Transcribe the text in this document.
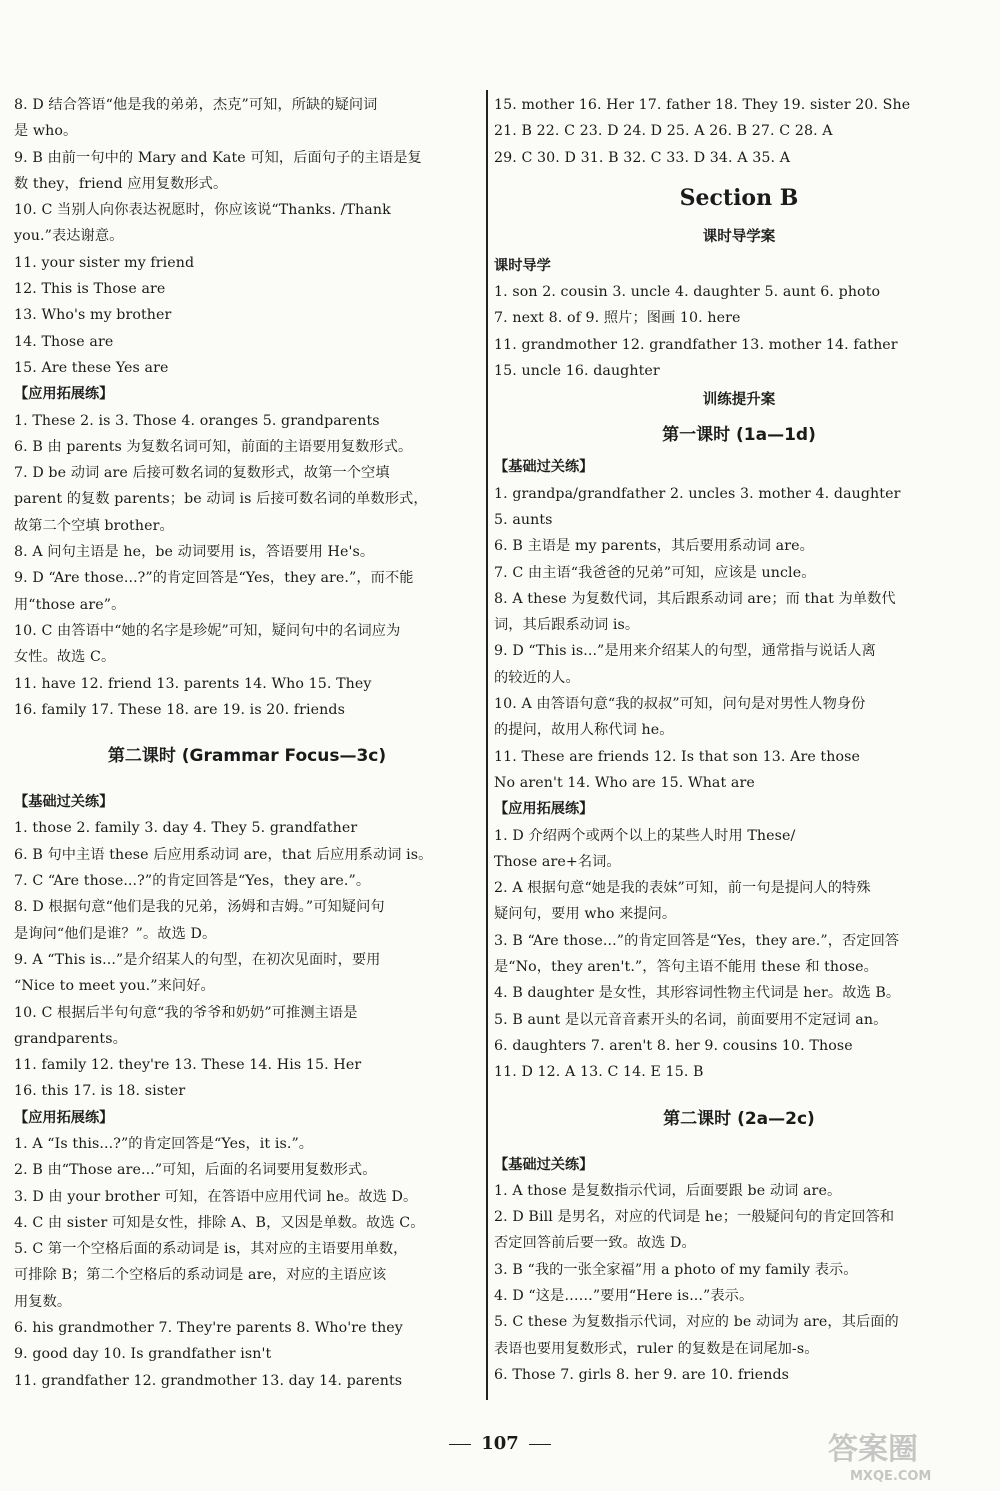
8. D 结合答语“他是我的弟弟，杰克”可知，所缺的疑问词
是 who。
9. B 由前一句中的 Mary and Kate 可知，后面句子的主语是复
数 they，friend 应用复数形式。
10. C 当别人向你表达祝愿时，你应该说“Thanks. /Thank
you.”表达谢意。
11. your sister my friend
12. This is Those are
13. Who's my brother
14. Those are
15. Are these Yes are
【应用拓展练】
1. These 2. is 3. Those 4. oranges 5. grandparents
6. B 由 parents 为复数名词可知，前面的主语要用复数形式。
7. D be 动词 are 后接可数名词的复数形式，故第一个空填
parent 的复数 parents；be 动词 is 后接可数名词的单数形式，
故第二个空填 brother。
8. A 问句主语是 he，be 动词要用 is，答语要用 He's。
9. D “Are those...?”的肯定回答是“Yes，they are.”，而不能
用“those are”。
10. C 由答语中“她的名字是珍妮”可知，疑问句中的名词应为
女性。故选 C。
11. have 12. friend 13. parents 14. Who 15. They
16. family 17. These 18. are 19. is 20. friends
第二课时 (Grammar Focus—3c)
【基础过关练】
1. those 2. family 3. day 4. They 5. grandfather
6. B 句中主语 these 后应用系动词 are，that 后应用系动词 is。
7. C “Are those...?”的肯定回答是“Yes，they are.”。
8. D 根据句意“他们是我的兄弟，汤姆和吉姆。”可知疑问句
是询问“他们是谁？”。故选 D。
9. A “This is...”是介绍某人的句型，在初次见面时，要用
“Nice to meet you.”来问好。
10. C 根据后半句句意“我的爷爷和奶奶”可推测主语是
grandparents。
11. family 12. they're 13. These 14. His 15. Her
16. this 17. is 18. sister
【应用拓展练】
1. A “Is this...?”的肯定回答是“Yes，it is.”。
2. B 由“Those are...”可知，后面的名词要用复数形式。
3. D 由 your brother 可知，在答语中应用代词 he。故选 D。
4. C 由 sister 可知是女性，排除 A、B，又因是单数。故选 C。
5. C 第一个空格后面的系动词是 is，其对应的主语要用单数，
可排除 B；第二个空格后的系动词是 are，对应的主语应该
用复数。
6. his grandmother 7. They're parents 8. Who're they
9. good day 10. Is grandfather isn't
11. grandfather 12. grandmother 13. day 14. parents
15. mother 16. Her 17. father 18. They 19. sister 20. She
21. B 22. C 23. D 24. D 25. A 26. B 27. C 28. A
29. C 30. D 31. B 32. C 33. D 34. A 35. A
Section B
课时导学案
课时导学
1. son 2. cousin 3. uncle 4. daughter 5. aunt 6. photo
7. next 8. of 9. 照片；图画 10. here
11. grandmother 12. grandfather 13. mother 14. father
15. uncle 16. daughter
训练提升案
第一课时 (1a—1d)
【基础过关练】
1. grandpa/grandfather 2. uncles 3. mother 4. daughter
5. aunts
6. B 主语是 my parents，其后要用系动词 are。
7. C 由主语“我爸爸的兄弟”可知，应该是 uncle。
8. A these 为复数代词，其后跟系动词 are；而 that 为单数代
词，其后跟系动词 is。
9. D “This is...”是用来介绍某人的句型，通常指与说话人离
的较近的人。
10. A 由答语句意“我的叔叔”可知，问句是对男性人物身份
的提问，故用人称代词 he。
11. These are friends 12. Is that son 13. Are those
No aren't 14. Who are 15. What are
【应用拓展练】
1. D 介绍两个或两个以上的某些人时用 These/
Those are+名词。
2. A 根据句意“她是我的表妹”可知，前一句是提问人的特殊
疑问句，要用 who 来提问。
3. B “Are those...”的肯定回答是“Yes，they are.”，否定回答
是“No，they aren't.”，答句主语不能用 these 和 those。
4. B daughter 是女性，其形容词性物主代词是 her。故选 B。
5. B aunt 是以元音音素开头的名词，前面要用不定冠词 an。
6. daughters 7. aren't 8. her 9. cousins 10. Those
11. D 12. A 13. C 14. E 15. B
第二课时 (2a—2c)
【基础过关练】
1. A those 是复数指示代词，后面要跟 be 动词 are。
2. D Bill 是男名，对应的代词是 he；一般疑问句的肯定回答和
否定回答前后要一致。故选 D。
3. B “我的一张全家福”用 a photo of my family 表示。
4. D “这是……”要用“Here is...”表示。
5. C these 为复数指示代词，对应的 be 动词为 are，其后面的
表语也要用复数形式，ruler 的复数是在词尾加-s。
6. Those 7. girls 8. her 9. are 10. friends
107	答案圈
MXQE.COM
